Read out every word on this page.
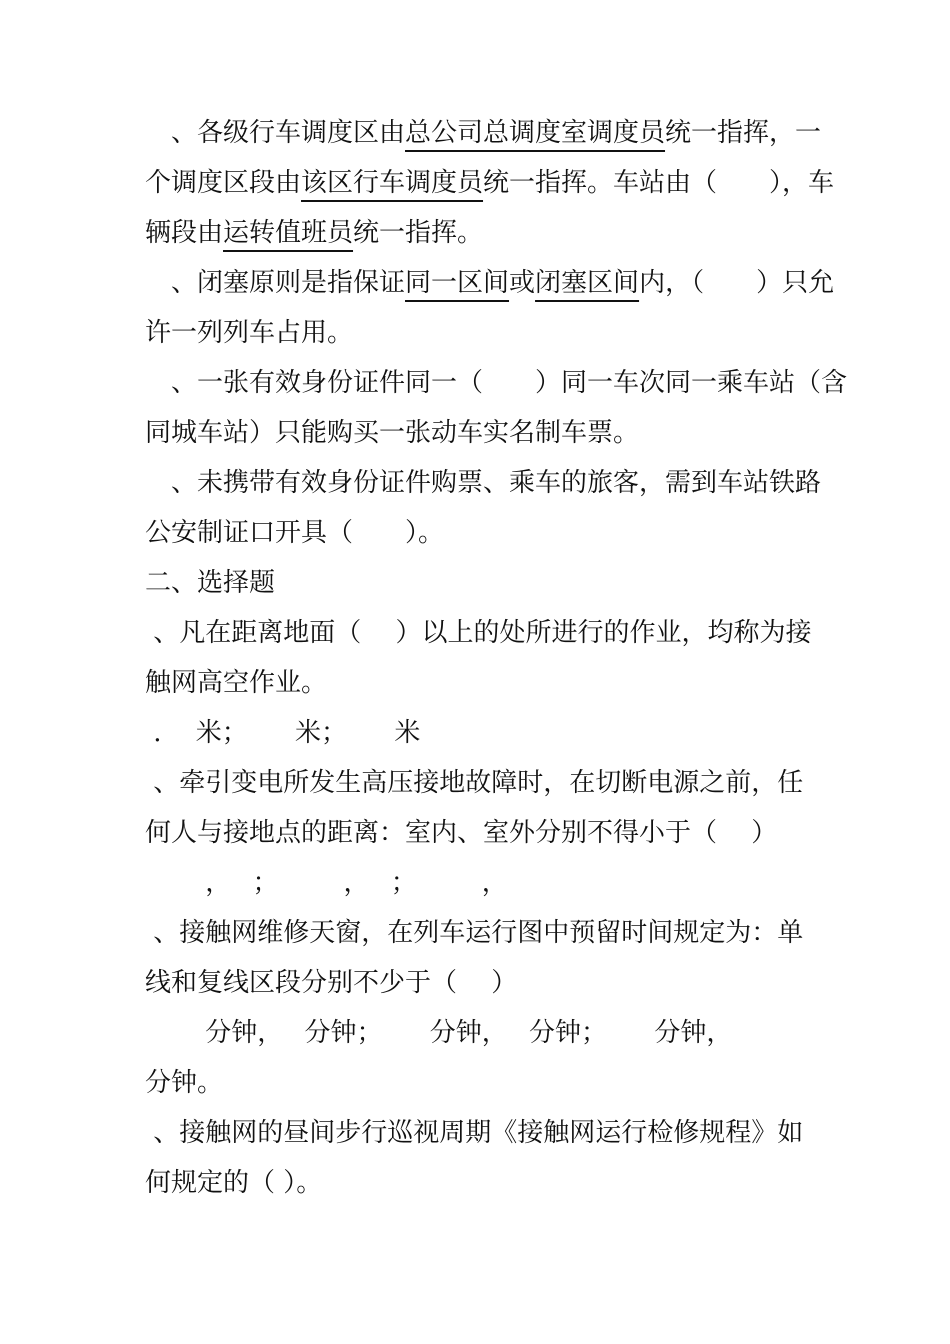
　、各级行车调度区由总公司总调度室调度员统一指挥，一
个调度区段由该区行车调度员统一指挥。车站由（　　），车
辆段由运转值班员统一指挥。
　、闭塞原则是指保证同一区间或闭塞区间内，（　　）只允
许一列列车占用。
　、一张有效身份证件同一（　　）同一车次同一乘车站（含
同城车站）只能购买一张动车实名制车票。
　、未携带有效身份证件购票、乘车的旅客，需到车站铁路
公安制证口开具（　　）。
二、选择题
、凡在距离地面（　 ）以上的处所进行的作业，均称为接
触网高空作业。
.　 米；　　 米；　　 米
、牵引变电所发生高压接地故障时，在切断电源之前，任
何人与接地点的距离：室内、室外分别不得小于（　 ）
　　 ，　 ；　　　，　 ；　　　，
、接触网维修天窗，在列车运行图中预留时间规定为：单
线和复线区段分别不少于（　 ）
　　 分钟，　 分钟；　　 分钟，　 分钟；　　 分钟，
分钟。
、接触网的昼间步行巡视周期《接触网运行检修规程》如
何规定的（ ）。
